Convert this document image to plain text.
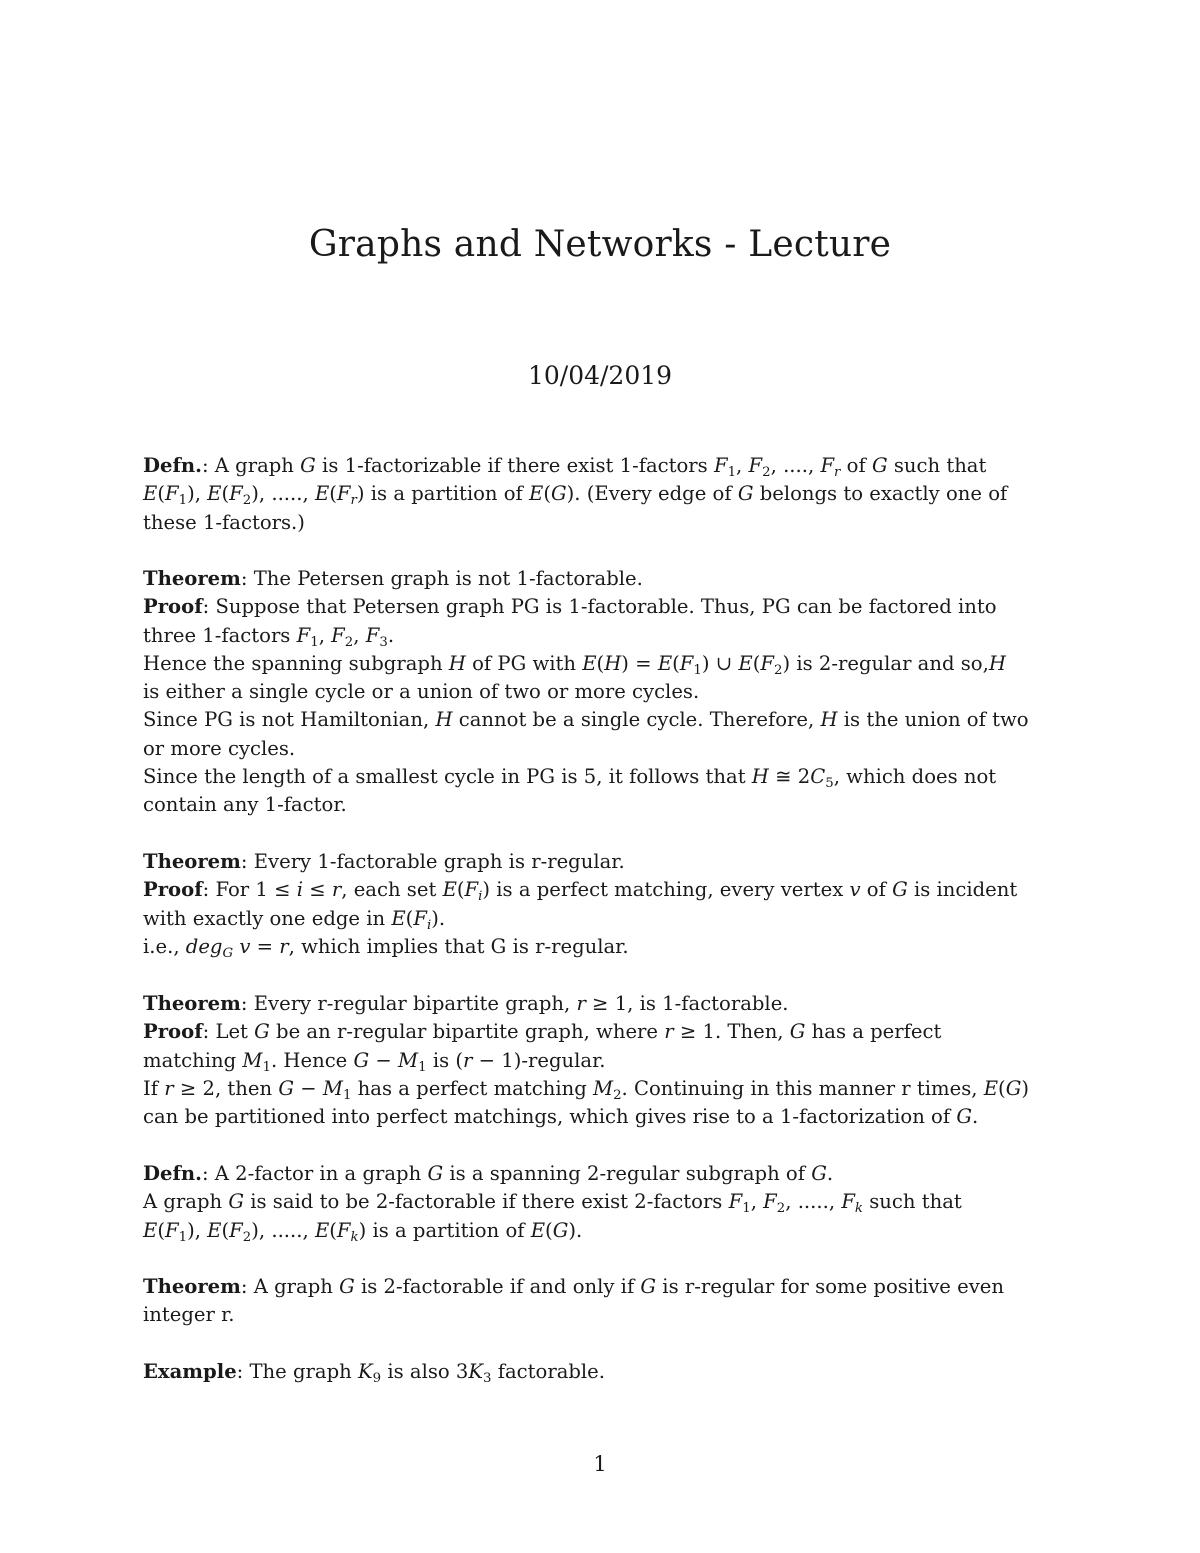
Graphs and Networks - Lecture
10/04/2019
Defn.: A graph G is 1-factorizable if there exist 1-factors $F_1$, $F_2$, ...., $F_r$ of G such that
$E(F_1)$, $E(F_2)$, ....., $E(F_r)$ is a partition of E(G). (Every edge of G belongs to exactly one of
these 1-factors.)
Theorem: The Petersen graph is not 1-factorable.
Proof: Suppose that Petersen graph PG is 1-factorable. Thus, PG can be factored into
three 1-factors $F_1$, $F_2$, $F_3$.
Hence the spanning subgraph H of PG with $E(H) = E(F_1)$ ∪ $E(F_2)$ is 2-regular and so,H
is either a single cycle or a union of two or more cycles.
Since PG is not Hamiltonian, H cannot be a single cycle. Therefore, H is the union of two
or more cycles.
Since the length of a smallest cycle in PG is 5, it follows that H ≅ $2C_5$, which does not
contain any 1-factor.
Theorem: Every 1-factorable graph is r-regular.
Proof: For 1 ≤ i ≤ r, each set $E(F_i)$ is a perfect matching, every vertex v of G is incident
with exactly one edge in $E(F_i)$.
i.e., deg$_G$ v = r, which implies that G is r-regular.
Theorem: Every r-regular bipartite graph, r ≥ 1, is 1-factorable.
Proof: Let G be an r-regular bipartite graph, where r ≥ 1. Then, G has a perfect
matching $M_1$. Hence $G - M_1$ is (r − 1)-regular.
If r ≥ 2, then $G - M_1$ has a perfect matching $M_2$. Continuing in this manner r times, E(G)
can be partitioned into perfect matchings, which gives rise to a 1-factorization of G.
Defn.: A 2-factor in a graph G is a spanning 2-regular subgraph of G.
A graph G is said to be 2-factorable if there exist 2-factors $F_1$, $F_2$, ....., $F_k$ such that
$E(F_1)$, $E(F_2)$, ....., $E(F_k)$ is a partition of E(G).
Theorem: A graph G is 2-factorable if and only if G is r-regular for some positive even
integer r.
Example: The graph $K_9$ is also $3K_3$ factorable.
1
